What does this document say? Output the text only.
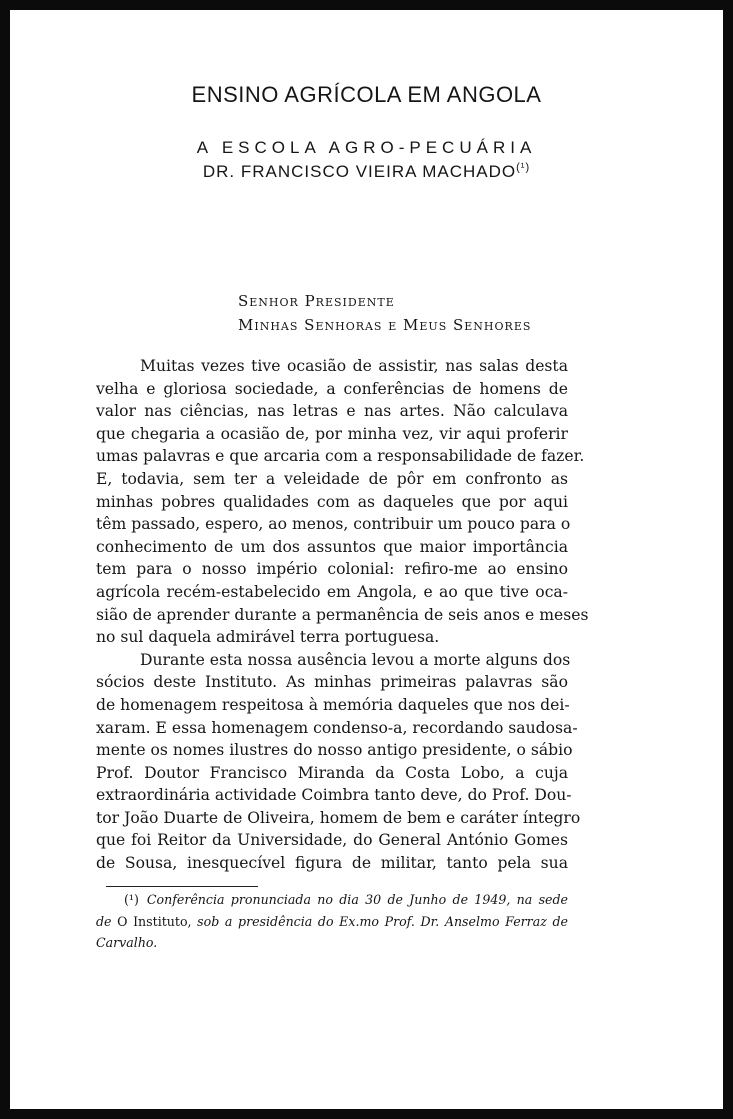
ENSINO AGRÍCOLA EM ANGOLA
A ESCOLA AGRO-PECUÁRIA
DR. FRANCISCO VIEIRA $MACHADO^{(^1)}$
Senhor Presidente
Minhas Senhoras e Meus Senhores
Muitas vezes tive ocasião de assistir, nas salas desta
velha e gloriosa sociedade, a conferências de homens de
valor nas ciências, nas letras e nas artes. Não calculava
que chegaria a ocasião de, por minha vez, vir aqui proferir
umas palavras e que arcaria com a responsabilidade de fazer.
E, todavia, sem ter a veleidade de pôr em confronto as
minhas pobres qualidades com as daqueles que por aqui
têm passado, espero, ao menos, contribuir um pouco para o
conhecimento de um dos assuntos que maior importância
tem para o nosso império colonial: refiro-me ao ensino
agrícola recém-estabelecido em Angola, e ao que tive oca-
sião de aprender durante a permanência de seis anos e meses
no sul daquela admirável terra portuguesa.
Durante esta nossa ausência levou a morte alguns dos
sócios deste Instituto. As minhas primeiras palavras são
de homenagem respeitosa à memória daqueles que nos dei-
xaram. E essa homenagem condenso-a, recordando saudosa-
mente os nomes ilustres do nosso antigo presidente, o sábio
Prof. Doutor Francisco Miranda da Costa Lobo, a cuja
extraordinária actividade Coimbra tanto deve, do Prof. Dou-
tor João Duarte de Oliveira, homem de bem e caráter íntegro
que foi Reitor da Universidade, do General António Gomes
de Sousa, inesquecível figura de militar, tanto pela sua
(¹) Conferência pronunciada no dia 30 de Junho de 1949, na sede
de O Instituto, sob a presidência do Ex.mo Prof. Dr. Anselmo Ferraz de
Carvalho.
